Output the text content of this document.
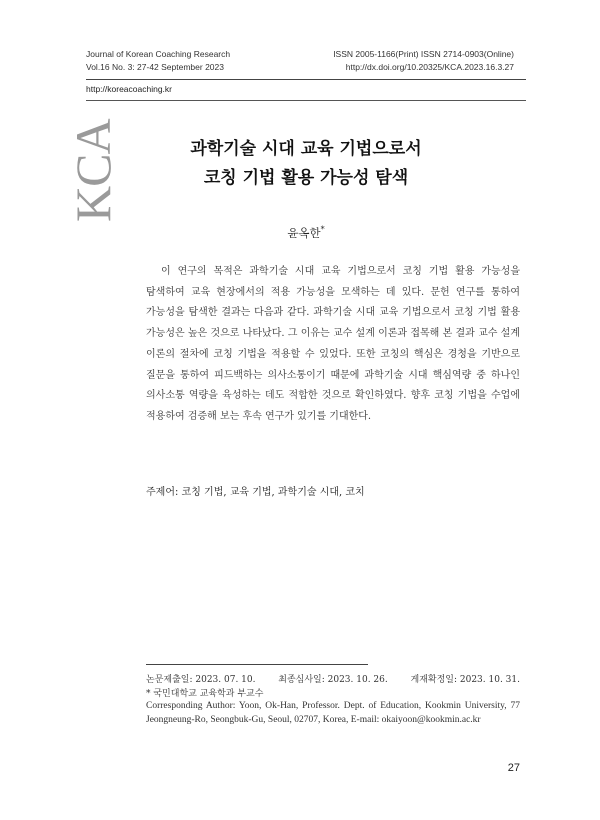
Journal of Korean Coaching Research
Vol.16 No. 3: 27-42 September 2023
ISSN 2005-1166(Print) ISSN 2714-0903(Online)
http://dx.doi.org/10.20325/KCA.2023.16.3.27
http://koreacoaching.kr
KCA	과학기술 시대 교육 기법으로서
코칭 기법 활용 가능성 탐색
윤옥한*
이 연구의 목적은 과학기술 시대 교육 기법으로서 코칭 기법 활용 가능성을 탐색하여 교육 현장에서의 적용 가능성을 모색하는 데 있다. 문헌 연구를 통하여 가능성을 탐색한 결과는 다음과 같다. 과학기술 시대 교육 기법으로서 코칭 기법 활용 가능성은 높은 것으로 나타났다. 그 이유는 교수 설계 이론과 접목해 본 결과 교수 설계 이론의 절차에 코칭 기법을 적용할 수 있었다. 또한 코칭의 핵심은 경청을 기반으로 질문을 통하여 피드백하는 의사소통이기 때문에 과학기술 시대 핵심역량 중 하나인 의사소통 역량을 육성하는 데도 적합한 것으로 확인하였다. 향후 코칭 기법을 수업에 적용하여 검증해 보는 후속 연구가 있기를 기대한다.
주제어: 코칭 기법, 교육 기법, 과학기술 시대, 코치
논문제출일: 2023. 07. 10.	최종심사일: 2023. 10. 26.	게재확정일: 2023. 10. 31.
* 국민대학교 교육학과 부교수
Corresponding Author: Yoon, Ok-Han, Professor. Dept. of Education, Kookmin University, 77 Jeongneung-Ro, Seongbuk-Gu, Seoul, 02707, Korea, E-mail: okaiyoon@kookmin.ac.kr
27
